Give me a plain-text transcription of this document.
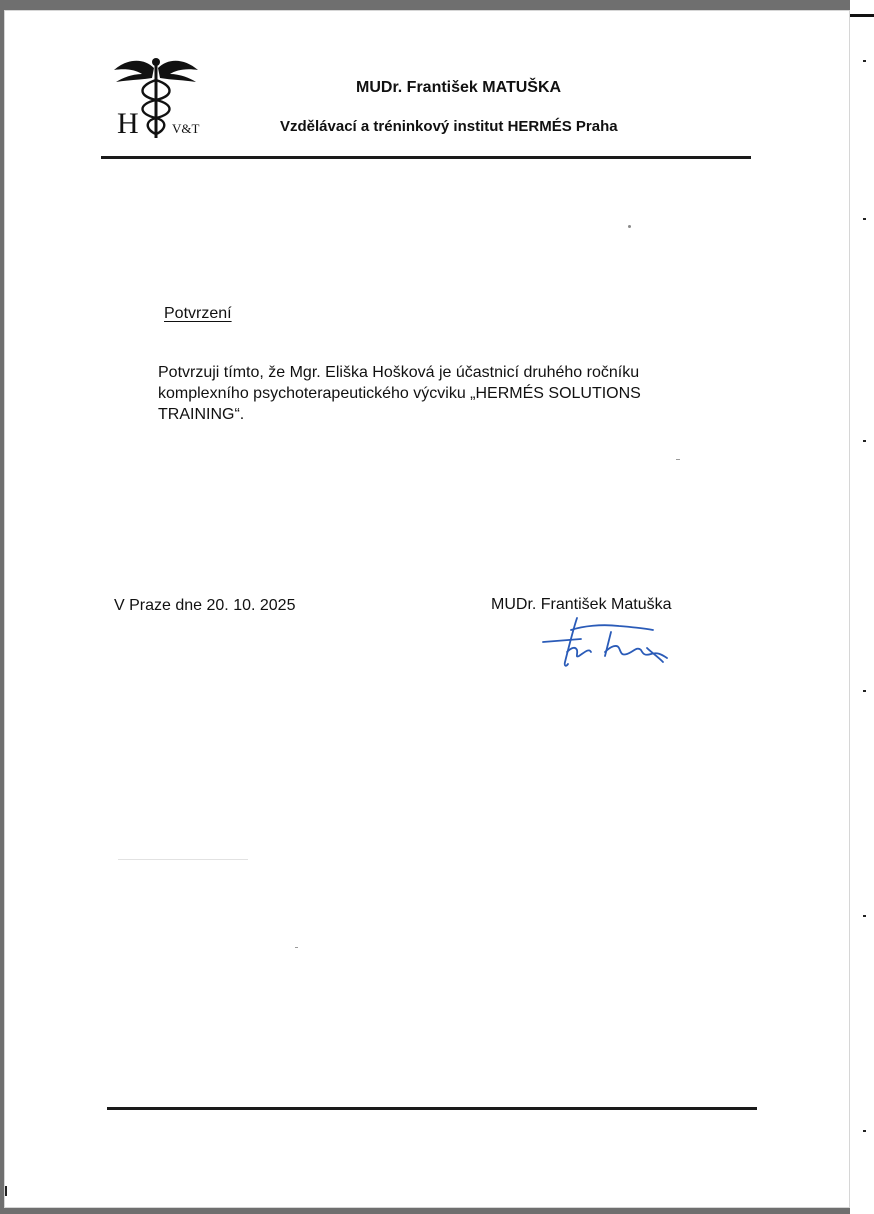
H	V&T
MUDr. František MATUŠKA
Vzdělávací a tréninkový institut HERMÉS Praha
Potvrzení
Potvrzuji tímto, že Mgr. Eliška Hošková je účastnicí druhého ročníku
komplexního psychoterapeutického výcviku „HERMÉS SOLUTIONS
TRAINING“.
V Praze dne 20. 10. 2025	MUDr. František Matuška
